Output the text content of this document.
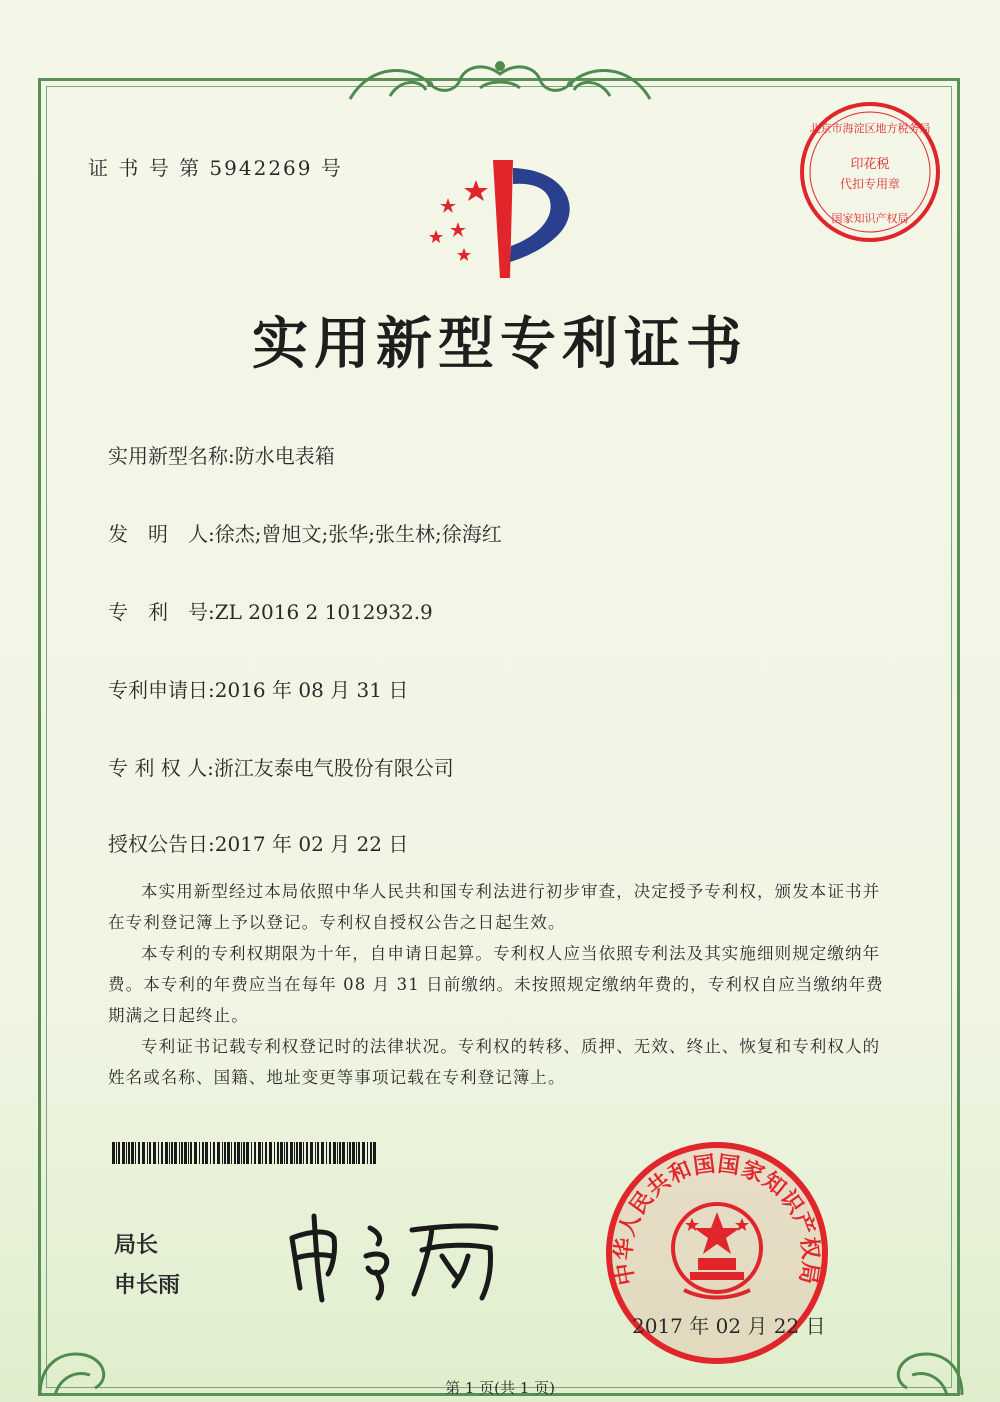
证 书 号 第 5942269 号
北京市海淀区地方税务局
印花税
代扣专用章
国家知识产权局
实用新型专利证书
实用新型名称:防水电表箱
发　明　人:徐杰;曾旭文;张华;张生林;徐海红
专　利　号:ZL 2016 2 1012932.9
专利申请日:2016 年 08 月 31 日
专 利 权 人:浙江友泰电气股份有限公司
授权公告日:2017 年 02 月 22 日

本实用新型经过本局依照中华人民共和国专利法进行初步审查，决定授予专利权，颁发本证书并在专利登记簿上予以登记。专利权自授权公告之日起生效。

本专利的专利权期限为十年，自申请日起算。专利权人应当依照专利法及其实施细则规定缴纳年费。本专利的年费应当在每年 08 月 31 日前缴纳。未按照规定缴纳年费的，专利权自应当缴纳年费期满之日起终止。

专利证书记载专利权登记时的法律状况。专利权的转移、质押、无效、终止、恢复和专利权人的姓名或名称、国籍、地址变更等事项记载在专利登记簿上。

局长
申长雨	中华人民共和国国家知识产权局
2017 年 02 月 22 日
第 1 页(共 1 页)
